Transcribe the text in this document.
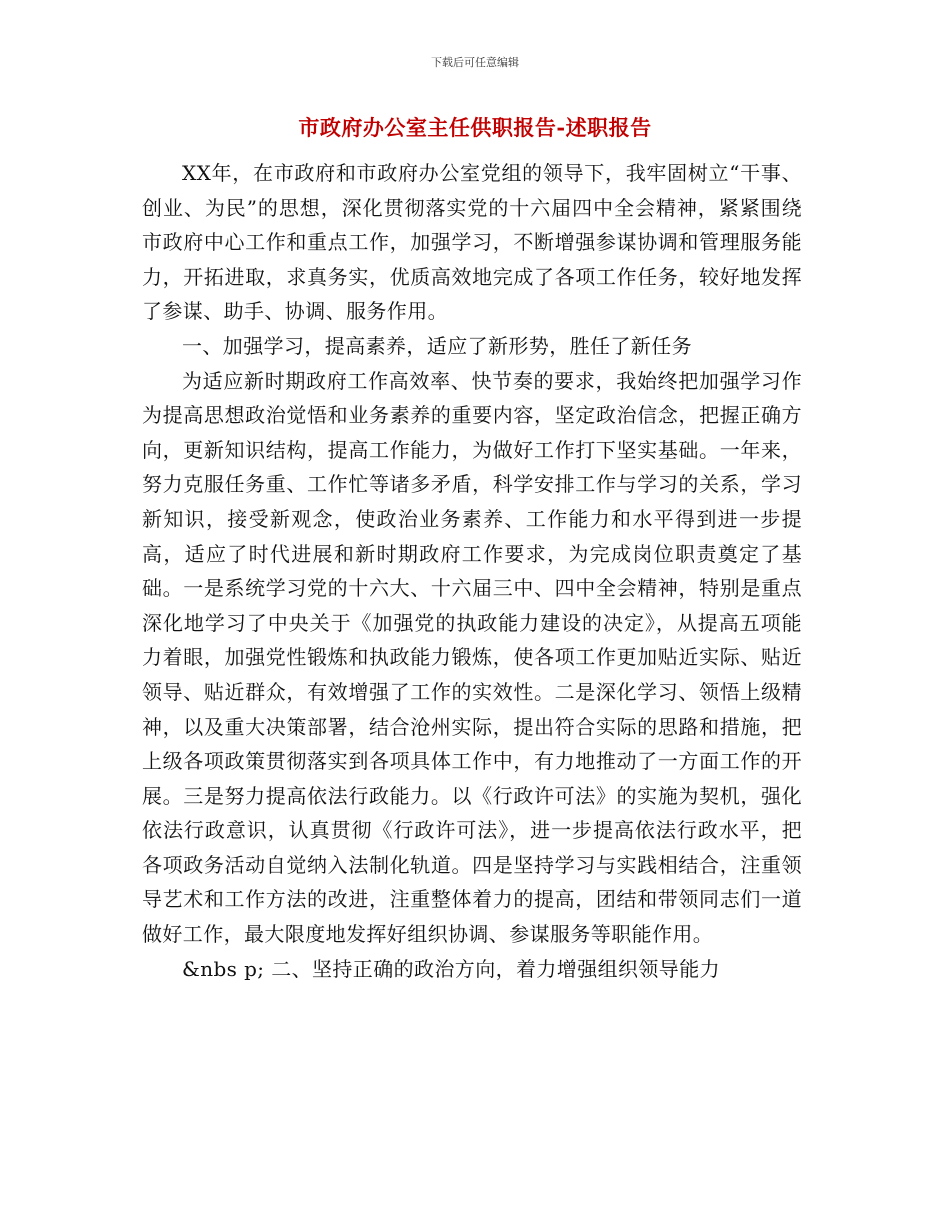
下载后可任意编辑
市政府办公室主任供职报告-述职报告

XX年，在市政府和市政府办公室党组的领导下，我牢固树立“干事、创业、为民”的思想，深化贯彻落实党的十六届四中全会精神，紧紧围绕市政府中心工作和重点工作，加强学习，不断增强参谋协调和管理服务能力，开拓进取，求真务实，优质高效地完成了各项工作任务，较好地发挥了参谋、助手、协调、服务作用。

一、加强学习，提高素养，适应了新形势，胜任了新任务

为适应新时期政府工作高效率、快节奏的要求，我始终把加强学习作为提高思想政治觉悟和业务素养的重要内容，坚定政治信念，把握正确方向，更新知识结构，提高工作能力，为做好工作打下坚实基础。一年来，努力克服任务重、工作忙等诸多矛盾，科学安排工作与学习的关系，学习新知识，接受新观念，使政治业务素养、工作能力和水平得到进一步提高，适应了时代进展和新时期政府工作要求，为完成岗位职责奠定了基础。一是系统学习党的十六大、十六届三中、四中全会精神，特别是重点深化地学习了中央关于《加强党的执政能力建设的决定》，从提高五项能力着眼，加强党性锻炼和执政能力锻炼，使各项工作更加贴近实际、贴近领导、贴近群众，有效增强了工作的实效性。二是深化学习、领悟上级精神，以及重大决策部署，结合沧州实际，提出符合实际的思路和措施，把上级各项政策贯彻落实到各项具体工作中，有力地推动了一方面工作的开展。三是努力提高依法行政能力。以《行政许可法》的实施为契机，强化依法行政意识，认真贯彻《行政许可法》，进一步提高依法行政水平，把各项政务活动自觉纳入法制化轨道。四是坚持学习与实践相结合，注重领导艺术和工作方法的改进，注重整体着力的提高，团结和带领同志们一道做好工作，最大限度地发挥好组织协调、参谋服务等职能作用。

&nbs p; 二、坚持正确的政治方向，着力增强组织领导能力
